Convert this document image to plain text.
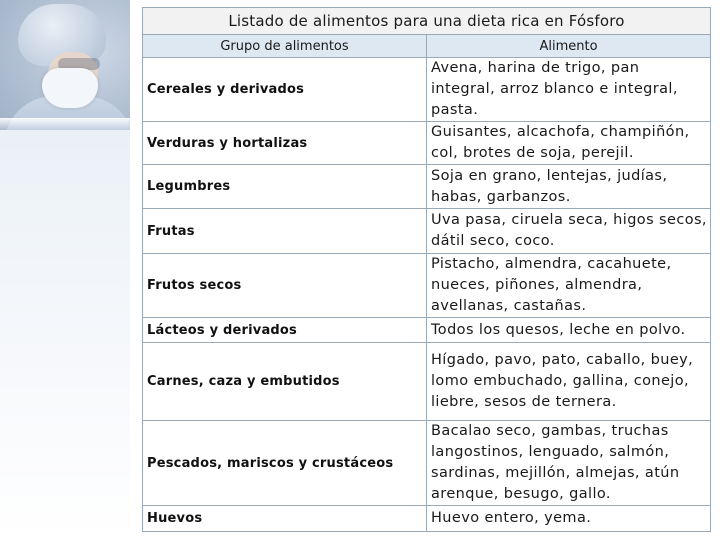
Listado de alimentos para una dieta rica en Fósforo	
Grupo de alimentos	Alimento
Cereales y derivados	Avena, harina de trigo, pan integral, arroz blanco e integral, pasta.
Verduras y hortalizas	Guisantes, alcachofa, champiñón, col, brotes de soja, perejil.
Legumbres	Soja en grano, lentejas, judías, habas, garbanzos.
Frutas	Uva pasa, ciruela seca, higos secos, dátil seco, coco.
Frutos secos	Pistacho, almendra, cacahuete, nueces, piñones, almendra, avellanas, castañas.
Lácteos y derivados	Todos los quesos, leche en polvo.
Carnes, caza y embutidos	Hígado, pavo, pato, caballo, buey, lomo embuchado, gallina, conejo, liebre, sesos de ternera.
Pescados, mariscos y crustáceos	Bacalao seco, gambas, truchas langostinos, lenguado, salmón, sardinas, mejillón, almejas, atún arenque, besugo, gallo.
Huevos	Huevo entero, yema.
